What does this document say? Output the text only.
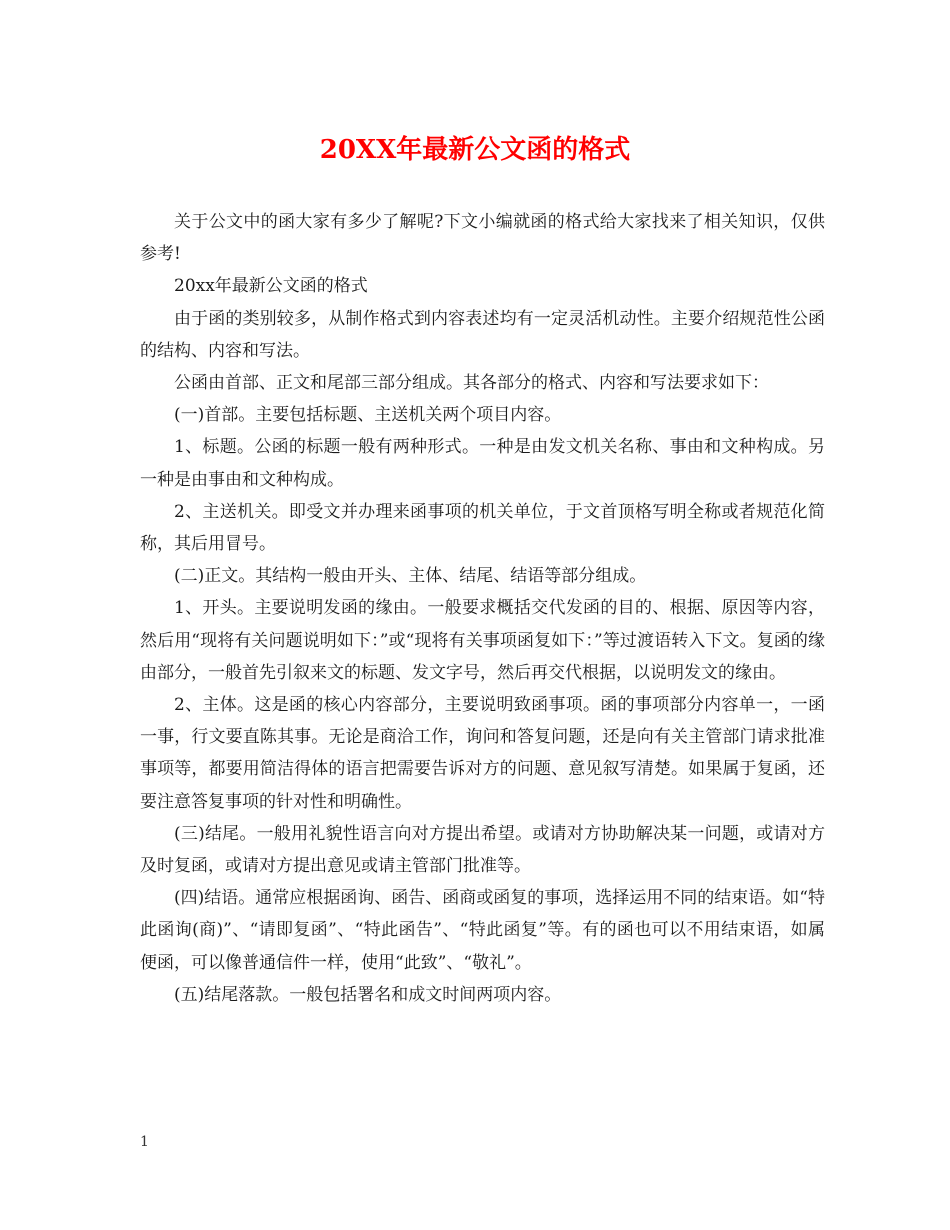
20XX年最新公文函的格式

关于公文中的函大家有多少了解呢?下文小编就函的格式给大家找来了相关知识，仅供参考!

20xx年最新公文函的格式

由于函的类别较多，从制作格式到内容表述均有一定灵活机动性。主要介绍规范性公函的结构、内容和写法。

公函由首部、正文和尾部三部分组成。其各部分的格式、内容和写法要求如下：

(一)首部。主要包括标题、主送机关两个项目内容。

1、标题。公函的标题一般有两种形式。一种是由发文机关名称、事由和文种构成。另一种是由事由和文种构成。

2、主送机关。即受文并办理来函事项的机关单位，于文首顶格写明全称或者规范化简称，其后用冒号。

(二)正文。其结构一般由开头、主体、结尾、结语等部分组成。

1、开头。主要说明发函的缘由。一般要求概括交代发函的目的、根据、原因等内容，然后用“现将有关问题说明如下：”或“现将有关事项函复如下：”等过渡语转入下文。复函的缘由部分，一般首先引叙来文的标题、发文字号，然后再交代根据，以说明发文的缘由。

2、主体。这是函的核心内容部分，主要说明致函事项。函的事项部分内容单一，一函一事，行文要直陈其事。无论是商洽工作，询问和答复问题，还是向有关主管部门请求批准事项等，都要用简洁得体的语言把需要告诉对方的问题、意见叙写清楚。如果属于复函，还要注意答复事项的针对性和明确性。

(三)结尾。一般用礼貌性语言向对方提出希望。或请对方协助解决某一问题，或请对方及时复函，或请对方提出意见或请主管部门批准等。

(四)结语。通常应根据函询、函告、函商或函复的事项，选择运用不同的结束语。如“特此函询(商)”、“请即复函”、“特此函告”、“特此函复”等。有的函也可以不用结束语，如属便函，可以像普通信件一样，使用“此致”、“敬礼”。

(五)结尾落款。一般包括署名和成文时间两项内容。

1
